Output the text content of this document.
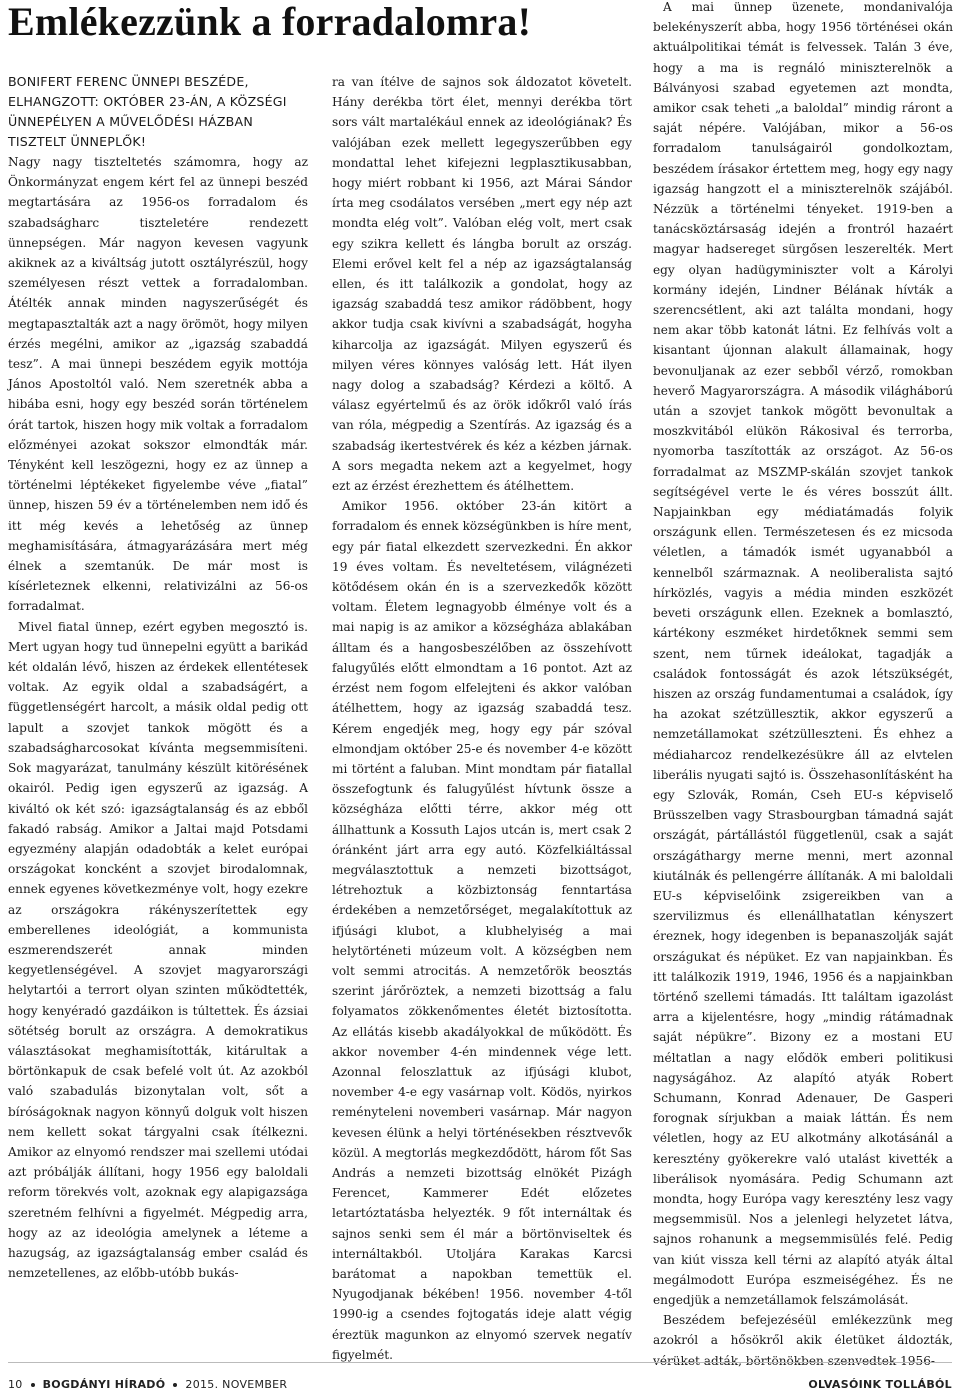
Emlékezzünk a forradalomra!

BONIFERT FERENC ÜNNEPI BESZÉDE, ELHANGZOTT: OKTÓBER 23-ÁN, A KÖZSÉGI ÜNNEPÉLYEN A MŰVELŐDÉSI HÁZBAN

TISZTELT ÜNNEPLŐK!

Nagy nagy tiszteltetés számomra, hogy az Önkormányzat engem kért fel az ünnepi beszéd megtartására az 1956-os forradalom és szabadságharc tiszteletére rendezett ünnepségen. Már nagyon kevesen vagyunk akiknek az a kiváltság jutott osztályrészül, hogy személyesen részt vettek a forradalomban. Átélték annak minden nagyszerűségét és megtapasztalták azt a nagy örömöt, hogy milyen érzés megélni, amikor az „igazság szabaddá tesz”. A mai ünnepi beszédem egyik mottója János Apostoltól való. Nem szeretnék abba a hibába esni, hogy egy beszéd során történelem órát tartok, hiszen hogy mik voltak a forradalom előzményei azokat sokszor elmondták már. Tényként kell leszögezni, hogy ez az ünnep a történelmi léptékeket figyelembe véve „fiatal” ünnep, hiszen 59 év a történelemben nem idő és itt még kevés a lehetőség az ünnep meghamisítására, átmagyarázására mert még élnek a szemtanúk. De már most is kísérleteznek elkenni, relativizálni az 56-os forradalmat.

Mivel fiatal ünnep, ezért egyben megosztó is. Mert ugyan hogy tud ünnepelni együtt a barikád két oldalán lévő, hiszen az érdekek ellentétesek voltak. Az egyik oldal a szabadságért, a függetlenségért harcolt, a másik oldal pedig ott lapult a szovjet tankok mögött és a szabadságharcosokat kívánta megsemmisíteni. Sok magyarázat, tanulmány készült kitörésének okairól. Pedig igen egyszerű az igazság. A kiváltó ok két szó: igazságtalanság és az ebből fakadó rabság. Amikor a Jaltai majd Potsdami egyezmény alapján odadobták a kelet európai országokat koncként a szovjet birodalomnak, ennek egyenes következménye volt, hogy ezekre az országokra rákényszerítettek egy emberellenes ideológiát, a kommunista eszmerendszerét annak minden kegyetlenségével. A szovjet magyarországi helytartói a terrort olyan szinten működtették, hogy kenyéradó gazdáikon is túltettek. És ázsiai sötétség borult az országra. A demokratikus választásokat meghamisították, kitárultak a börtönkapuk de csak befelé volt út. Az azokból való szabadulás bizonytalan volt, sőt a bíróságoknak nagyon könnyű dolguk volt hiszen nem kellett sokat tárgyalni csak ítélkezni. Amikor az elnyomó rendszer mai szellemi utódai azt próbálják állítani, hogy 1956 egy baloldali reform törekvés volt, azoknak egy alapigazsága szeretném felhívni a figyelmét. Mégpedig arra, hogy az az ideológia amelynek a léteme a hazugság, az igazságtalanság ember család és nemzetellenes, az előbb-utóbb bukás-

ra van ítélve de sajnos sok áldozatot követelt. Hány derékba tört élet, mennyi derékba tört sors vált martalékául ennek az ideológiának? És valójában ezek mellett legegyszerűbben egy mondattal lehet kifejezni legplasztikusabban, hogy miért robbant ki 1956, azt Márai Sándor írta meg csodálatos versében „mert egy nép azt mondta elég volt”. Valóban elég volt, mert csak egy szikra kellett és lángba borult az ország. Elemi erővel kelt fel a nép az igazságtalanság ellen, és itt találkozik a gondolat, hogy az igazság szabaddá tesz amikor rádöbbent, hogy akkor tudja csak kivívni a szabadságát, hogyha kiharcolja az igazságát. Milyen egyszerű és milyen véres könnyes valóság lett. Hát ilyen nagy dolog a szabadság? Kérdezi a költő. A válasz egyértelmű és az örök időkről való írás van róla, mégpedig a Szentírás. Az igazság és a szabadság ikertestvérek és kéz a kézben járnak. A sors megadta nekem azt a kegyelmet, hogy ezt az érzést érezhettem és átélhettem.

Amikor 1956. október 23-án kitört a forradalom és ennek községünkben is híre ment, egy pár fiatal elkezdett szervezkedni. Én akkor 19 éves voltam. És neveltetésem, világnézeti kötődésem okán én is a szervezkedők között voltam. Életem legnagyobb élménye volt és a mai napig is az amikor a községháza ablakában álltam és a hangosbeszélőben az összehívott falugyűlés előtt elmondtam a 16 pontot. Azt az érzést nem fogom elfelejteni és akkor valóban átélhettem, hogy az igazság szabaddá tesz. Kérem engedjék meg, hogy egy pár szóval elmondjam október 25-e és november 4-e között mi történt a faluban. Mint mondtam pár fiatallal összefogtunk és falugyűlést hívtunk össze a községháza előtti térre, akkor még ott állhattunk a Kossuth Lajos utcán is, mert csak 2 óránként járt arra egy autó. Közfelkiáltással megválasztottuk a nemzeti bizottságot, létrehoztuk a közbiztonság fenntartása érdekében a nemzetőrséget, megalakítottuk az ifjúsági klubot, a klubhelyiség a mai helytörténeti múzeum volt. A községben nem volt semmi atrocitás. A nemzetőrök beosztás szerint járőröztek, a nemzeti bizottság a falu folyamatos zökkenőmentes életét biztosította. Az ellátás kisebb akadályokkal de működött. És akkor november 4-én mindennek vége lett. Azonnal feloszlattuk az ifjúsági klubot, november 4-e egy vasárnap volt. Ködös, nyirkos reményteleni novemberi vasárnap. Már nagyon kevesen élünk a helyi történésekben résztvevők közül. A megtorlás megkezdődött, három főt Sas András a nemzeti bizottság elnökét Pizágh Ferencet, Kammerer Edét előzetes letartóztatásba helyezték. 9 főt internáltak és sajnos senki sem él már a börtönviseltek és internáltakból. Utoljára Karakas Karcsi barátomat a napokban temettük el. Nyugodjanak békében! 1956. november 4-től 1990-ig a csendes fojtogatás ideje alatt végig éreztük magunkon az elnyomó szervek negatív figyelmét.

A mai ünnep üzenete, mondanivalója belekényszerít abba, hogy 1956 történései okán aktuálpolitikai témát is felvessek. Talán 3 éve, hogy a ma is regnáló miniszterelnök a Bálványosi szabad egyetemen azt mondta, amikor csak teheti „a baloldal” mindig ráront a saját népére. Valójában, mikor a 56-os forradalom tanulságairól gondolkoztam, beszédem írásakor értettem meg, hogy egy nagy igazság hangzott el a miniszterelnök szájából. Nézzük a történelmi tényeket. 1919-ben a tanácsköztársaság idején a frontról hazaért magyar hadsereget sürgősen leszerelték. Mert egy olyan hadügyminiszter volt a Károlyi kormány idején, Lindner Bélának hívták a szerencsétlent, aki azt találta mondani, hogy nem akar több katonát látni. Ez felhívás volt a kisantant újonnan alakult államainak, hogy bevonuljanak az ezer sebből vérző, romokban heverő Magyarországra. A második világháború után a szovjet tankok mögött bevonultak a moszkvitából elükön Rákosival és terrorba, nyomorba taszították az országot. Az 56-os forradalmat az MSZMP-skálán szovjet tankok segítségével verte le és véres bosszút állt. Napjainkban egy médiatámadás folyik országunk ellen. Természetesen és ez micsoda véletlen, a támadók ismét ugyanabból a kennelből származnak. A neoliberalista sajtó hírközlés, vagyis a média minden eszközét beveti országunk ellen. Ezeknek a bomlasztó, kártékony eszméket hirdetőknek semmi sem szent, nem tűrnek ideálokat, tagadják a családok fontosságát és azok létszükségét, hiszen az ország fundamentumai a családok, így ha azokat szétzüllesztik, akkor egyszerű a nemzetállamokat szétzülleszteni. És ehhez a médiaharcoz rendelkezésükre áll az elvtelen liberális nyugati sajtó is. Összehasonlításként ha egy Szlovák, Román, Cseh EU-s képviselő Brüsszelben vagy Strasbourgban támadná saját országát, pártállástól függetlenül, csak a saját országáthargy merne menni, mert azonnal kiutálnák és pellengérre állítanák. A mi baloldali EU-s képviselőink zsigereikben van a szervilizmus és ellenállhatatlan kényszert éreznek, hogy idegenben is bepanaszolják saját országukat és népüket. Ez van napjainkban. És itt találkozik 1919, 1946, 1956 és a napjainkban történő szellemi támadás. Itt találtam igazolást arra a kijelentésre, hogy „mindig rátámadnak saját népükre”. Bizony ez a mostani EU méltatlan a nagy előd​ök emberi politikusi nagyságához. Az alapító atyák Robert Schumann, Konrad Adenauer, De Gasperi forognak sírjukban a maiak láttán. És nem véletlen, hogy az EU alkotmány alkotásánál a keresztény gyökerekre való utalást kivették a liberálisok nyomására. Pedig Schumann azt mondta, hogy Európa vagy keresztény lesz vagy megsemmisül. Nos a jelenlegi helyzetet látva, sajnos rohanunk a megsemmisülés felé. Pedig van kiút vissza kell térni az alapító atyák által megálmodott Európa eszmeiségéhez. És ne engedjük a nemzetállamok felszámolását.

Beszédem befejezéséül emlékezzünk meg azokról a hősökről akik életüket áldozták, vérüket adták, börtönökben szenvedtek 1956-

10 BOGDÁNYI HÍRADÓ 2015. NOVEMBER	OLVASÓINK TOLLÁBÓL
